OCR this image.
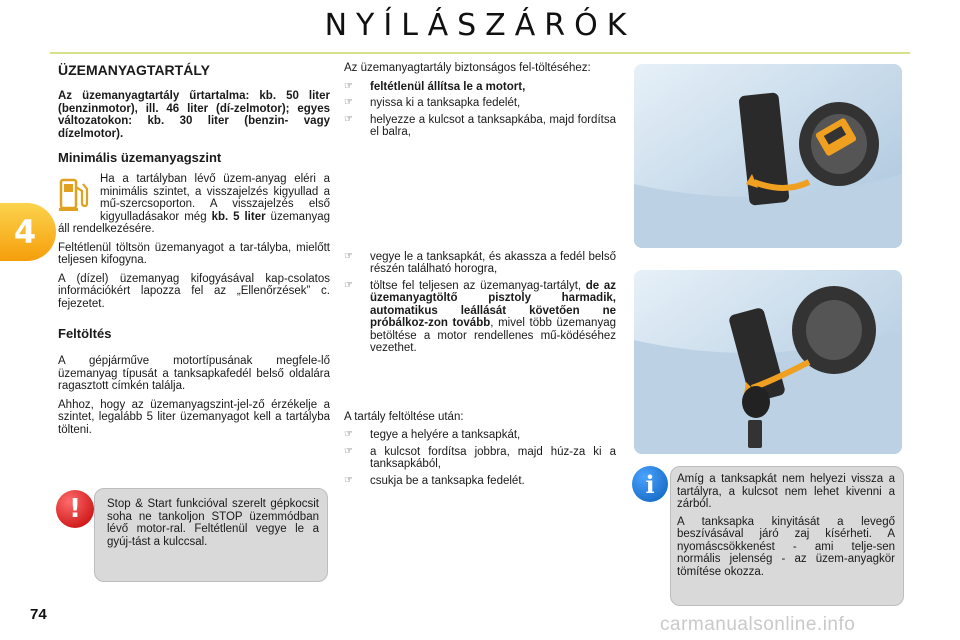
NYÍLÁSZÁRÓK
4
ÜZEMANYAGTARTÁLY

Az üzemanyagtartály űrtartalma: kb. 50 liter (benzinmotor), ill. 46 liter (dí-zelmotor); egyes változatokon: kb. 30 liter (benzin- vagy dízelmotor).

Minimális üzemanyagszint

Ha a tartályban lévő üzem-anyag eléri a minimális szintet, a visszajelzés kigyullad a mű-szercsoporton. A visszajelzés első kigyulladásakor még kb. 5 liter üzemanyag áll rendelkezésére.

Feltétlenül töltsön üzemanyagot a tar-tályba, mielőtt teljesen kifogyna.

A (dízel) üzemanyag kifogyásával kap-csolatos információkért lapozza fel az „Ellenőrzések” c. fejezetet.

Feltöltés

A gépjárműve motortípusának megfele-lő üzemanyag típusát a tanksapkafedél belső oldalára ragasztott címkén találja.

Ahhoz, hogy az üzemanyagszint-jel-ző érzékelje a szintet, legalább 5 liter üzemanyagot kell a tartályba tölteni.

Az üzemanyagtartály biztonságos fel-töltéséhez:

☞ feltétlenül állítsa le a motort,
☞ nyissa ki a tanksapka fedelét,
☞ helyezze a kulcsot a tanksapkába, majd fordítsa el balra,
☞ vegye le a tanksapkát, és akassza a fedél belső részén található horogra,
☞ töltse fel teljesen az üzemanyag-tartályt, de az üzemanyagtöltő pisztoly harmadik, automatikus leállását követően ne próbálkoz-zon tovább, mivel több üzemanyag betöltése a motor rendellenes mű-ködéséhez vezethet.

A tartály feltöltése után:

☞ tegye a helyére a tanksapkát,
☞ a kulcsot fordítsa jobbra, majd húz-za ki a tanksapkából,
☞ csukja be a tanksapka fedelét.
!	Stop & Start funkcióval szerelt gépkocsit soha ne tankoljon STOP üzemmódban lévő motor-ral. Feltétlenül vegye le a gyúj-tást a kulccsal.

i Amíg a tanksapkát nem helyezi vissza a tartályra, a kulcsot nem lehet kivenni a zárból.

A tanksapka kinyitását a levegő beszívásával járó zaj kísérheti. A nyomáscsökkenést - ami telje-sen normális jelenség - az üzem-anyagkör tömítése okozza.

74	carmanualsonline.info
